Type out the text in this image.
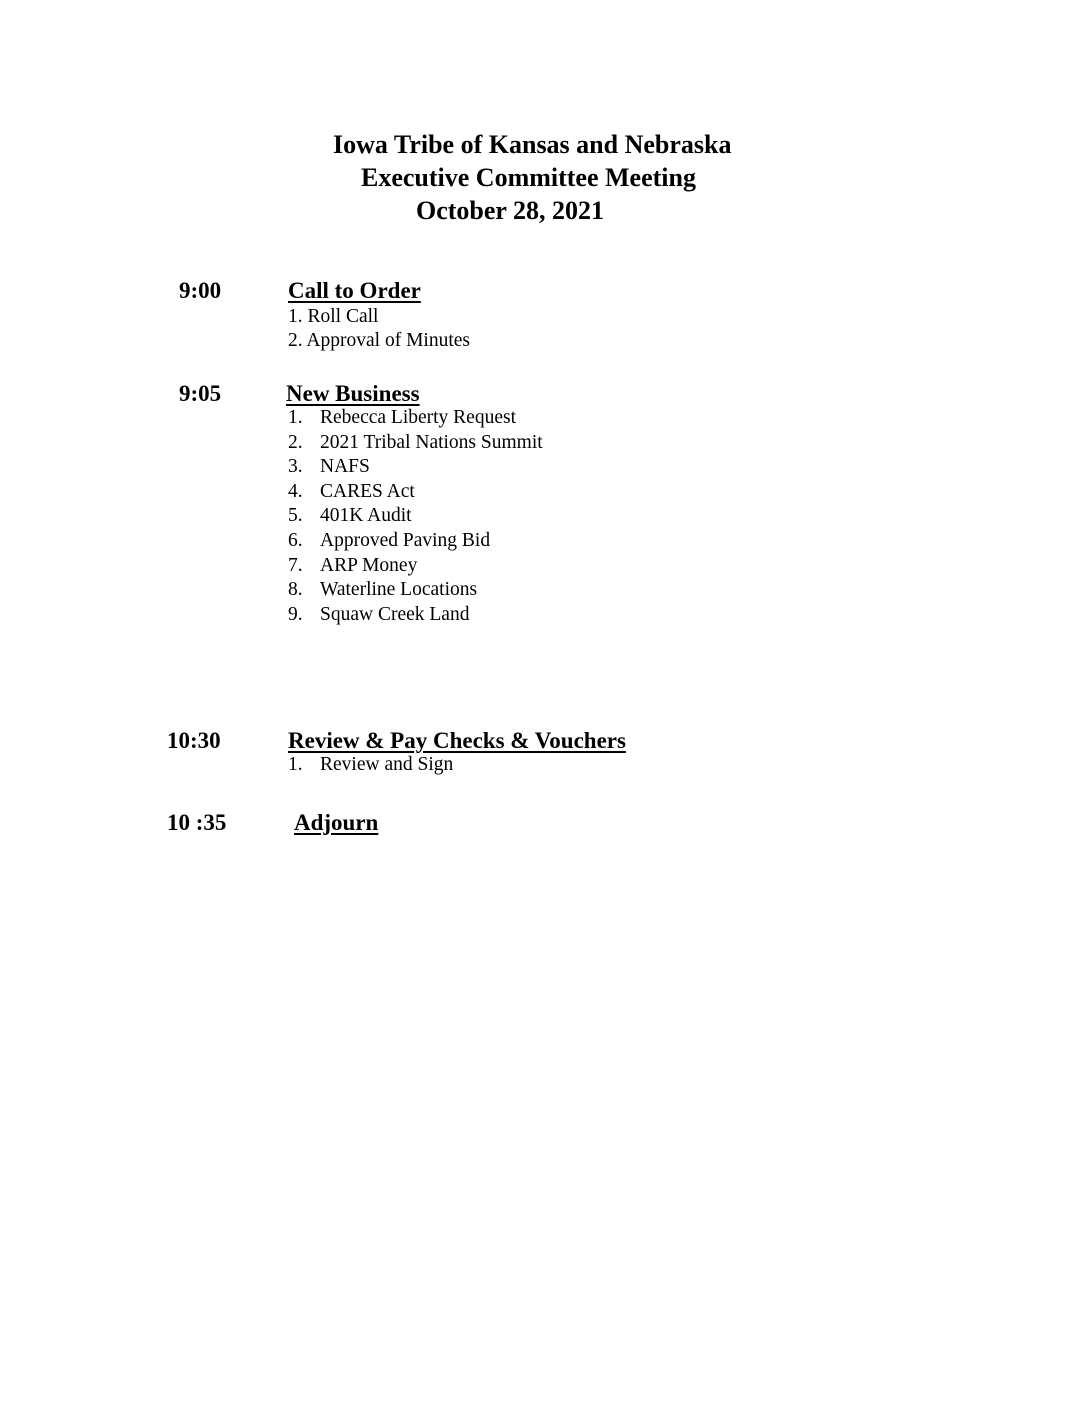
Iowa Tribe of Kansas and Nebraska
Executive Committee Meeting
October 28, 2021
9:00	Call to Order
1. Roll Call
2. Approval of Minutes
9:05	New Business
1. Rebecca Liberty Request
2. 2021 Tribal Nations Summit
3. NAFS
4. CARES Act
5. 401K Audit
6. Approved Paving Bid
7. ARP Money
8. Waterline Locations
9. Squaw Creek Land
10:30	Review & Pay Checks & Vouchers
1. Review and Sign
10 :35	Adjourn
